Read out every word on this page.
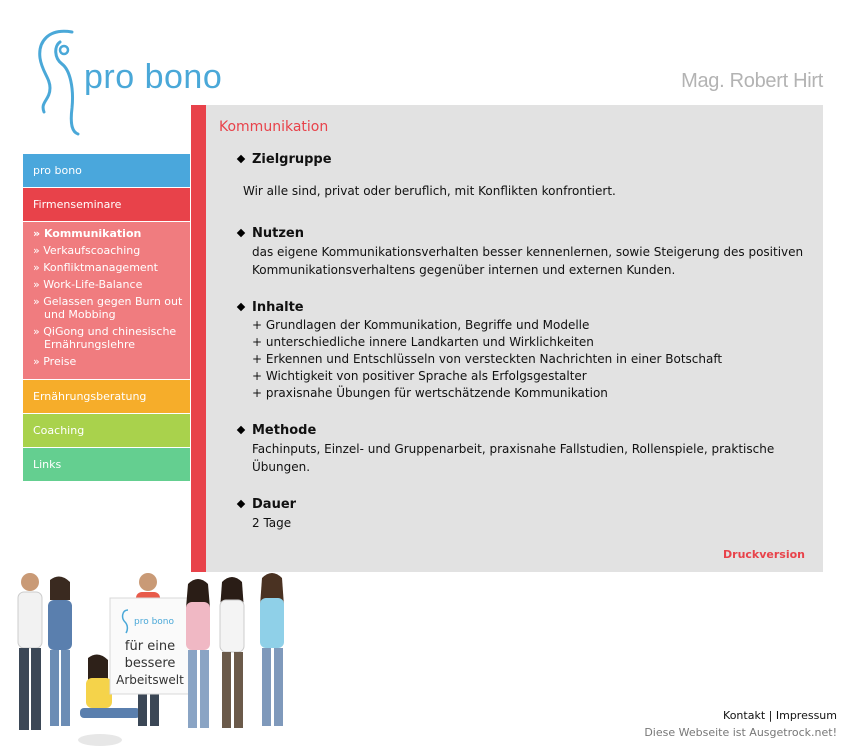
pro bono	Mag. Robert Hirt
pro bono
Firmenseminare
» Kommunikation
» Verkaufscoaching
» Konfliktmanagement
» Work-Life-Balance
» Gelassen gegen Burn out und Mobbing
» QiGong und chinesische Ernährungslehre
» Preise
Ernährungsberatung
Coaching
Links
Kommunikation
Zielgruppe
Wir alle sind, privat oder beruflich, mit Konflikten konfrontiert.
Nutzen
das eigene Kommunikationsverhalten besser kennenlernen, sowie Steigerung des positiven Kommunikationsverhaltens gegenüber internen und externen Kunden.
Inhalte
+ Grundlagen der Kommunikation, Begriffe und Modelle
+ unterschiedliche innere Landkarten und Wirklichkeiten
+ Erkennen und Entschlüsseln von versteckten Nachrichten in einer Botschaft
+ Wichtigkeit von positiver Sprache als Erfolgsgestalter
+ praxisnahe Übungen für wertschätzende Kommunikation
Methode
Fachinputs, Einzel- und Gruppenarbeit, praxisnahe Fallstudien, Rollenspiele, praktische Übungen.
Dauer
2 Tage
Druckversion
pro bono
für eine
bessere
Arbeitswelt
Kontakt | Impressum
Diese Webseite ist Ausgetrock.net!
